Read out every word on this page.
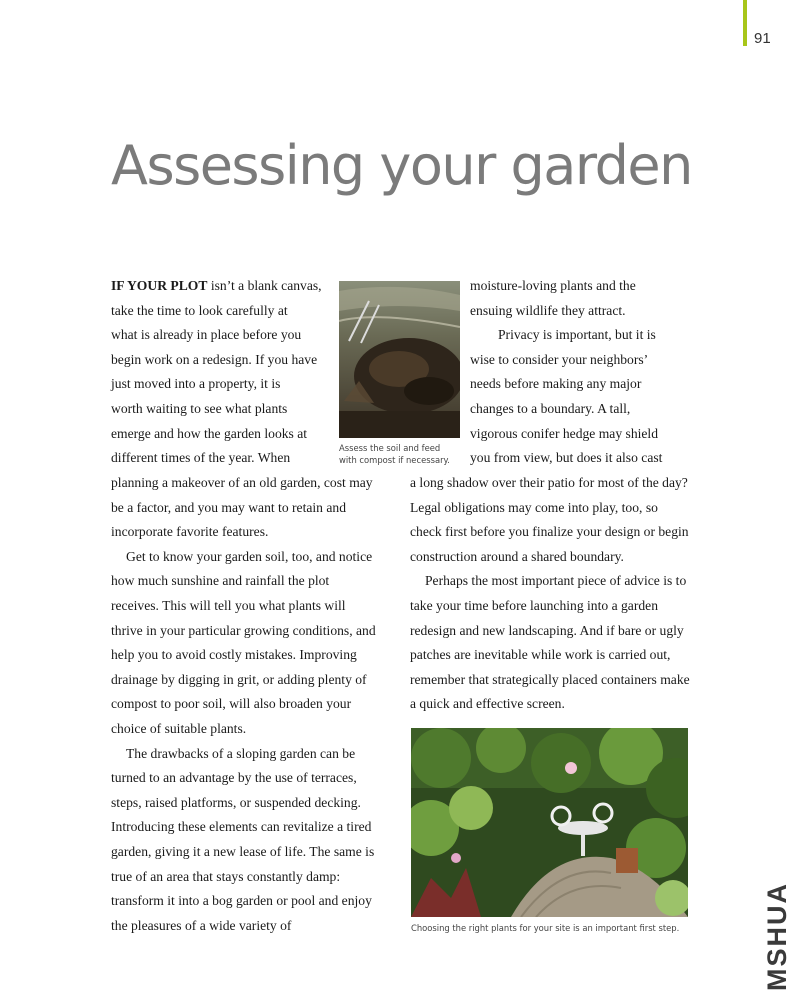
91
Assessing your garden
IF YOUR PLOT isn’t a blank canvas,
take the time to look carefully at
what is already in place before you
begin work on a redesign. If you have
just moved into a property, it is
worth waiting to see what plants
emerge and how the garden looks at
different times of the year. When

planning a makeover of an old garden, cost may be a factor, and you may want to retain and incorporate favorite features.

Get to know your garden soil, too, and notice how much sunshine and rainfall the plot receives. This will tell you what plants will thrive in your particular growing conditions, and help you to avoid costly mistakes. Improving drainage by digging in grit, or adding plenty of compost to poor soil, will also broaden your choice of suitable plants.

The drawbacks of a sloping garden can be turned to an advantage by the use of terraces, steps, raised platforms, or suspended decking. Introducing these elements can revitalize a tired garden, giving it a new lease of life. The same is true of an area that stays constantly damp: transform it into a bog garden or pool and enjoy the pleasures of a wide variety of

Assess the soil and feed
with compost if necessary.
moisture-loving plants and the
ensuing wildlife they attract.
Privacy is important, but it is
wise to consider your neighbors’
needs before making any major
changes to a boundary. A tall,
vigorous conifer hedge may shield
you from view, but does it also cast

a long shadow over their patio for most of the day? Legal obligations may come into play, too, so check first before you finalize your design or begin construction around a shared boundary.

Perhaps the most important piece of advice is to take your time before launching into a garden redesign and new landscaping. And if bare or ugly patches are inevitable while work is carried out, remember that strategically placed containers make a quick and effective screen.

Choosing the right plants for your site is an important first step.	MSHUA
